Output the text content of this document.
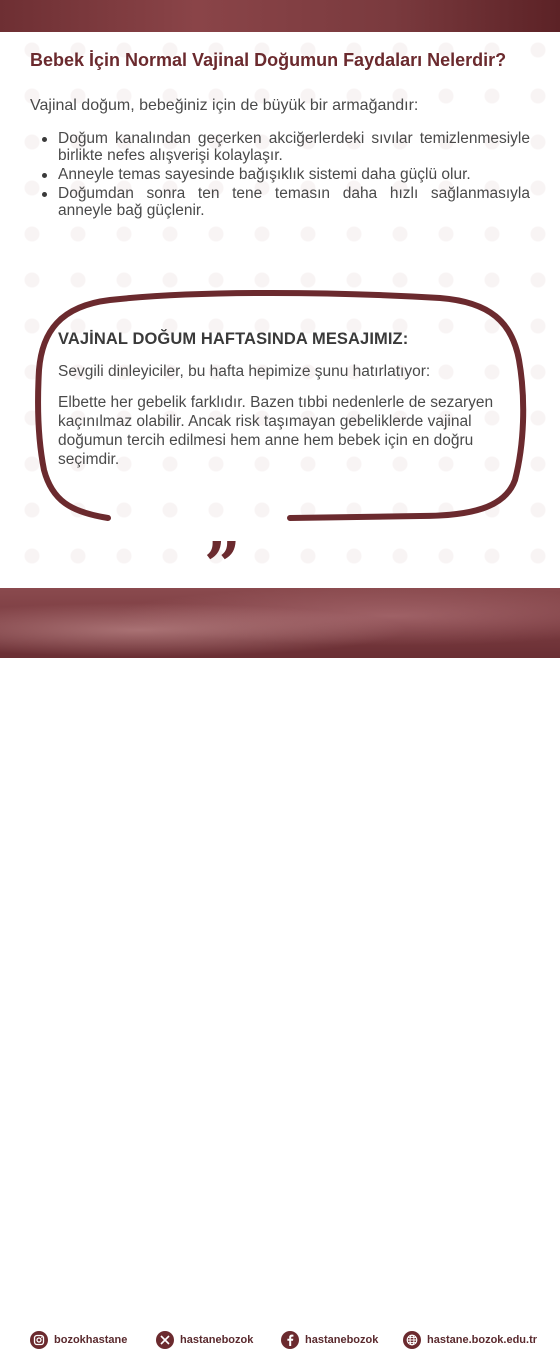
Bebek İçin Normal Vajinal Doğumun Faydaları Nelerdir?

Vajinal doğum, bebeğiniz için de büyük bir armağandır:

Doğum kanalından geçerken akciğerlerdeki sıvılar temizlenmesiyle birlikte nefes alışverişi kolaylaşır.
Anneyle temas sayesinde bağışıklık sistemi daha güçlü olur.
Doğumdan sonra ten tene temasın daha hızlı sağlanmasıyla anneyle bağ güçlenir.
VAJİNAL DOĞUM HAFTASINDA MESAJIMIZ:

Sevgili dinleyiciler, bu hafta hepimize şunu hatırlatıyor:

Elbette her gebelik farklıdır. Bazen tıbbi nedenlerle de sezaryen kaçınılmaz olabilir. Ancak risk taşımayan gebeliklerde vajinal doğumun tercih edilmesi hem anne hem bebek için en doğru seçimdir.

„
bozokhastane	hastanebozok	hastanebozok	hastane.bozok.edu.tr
